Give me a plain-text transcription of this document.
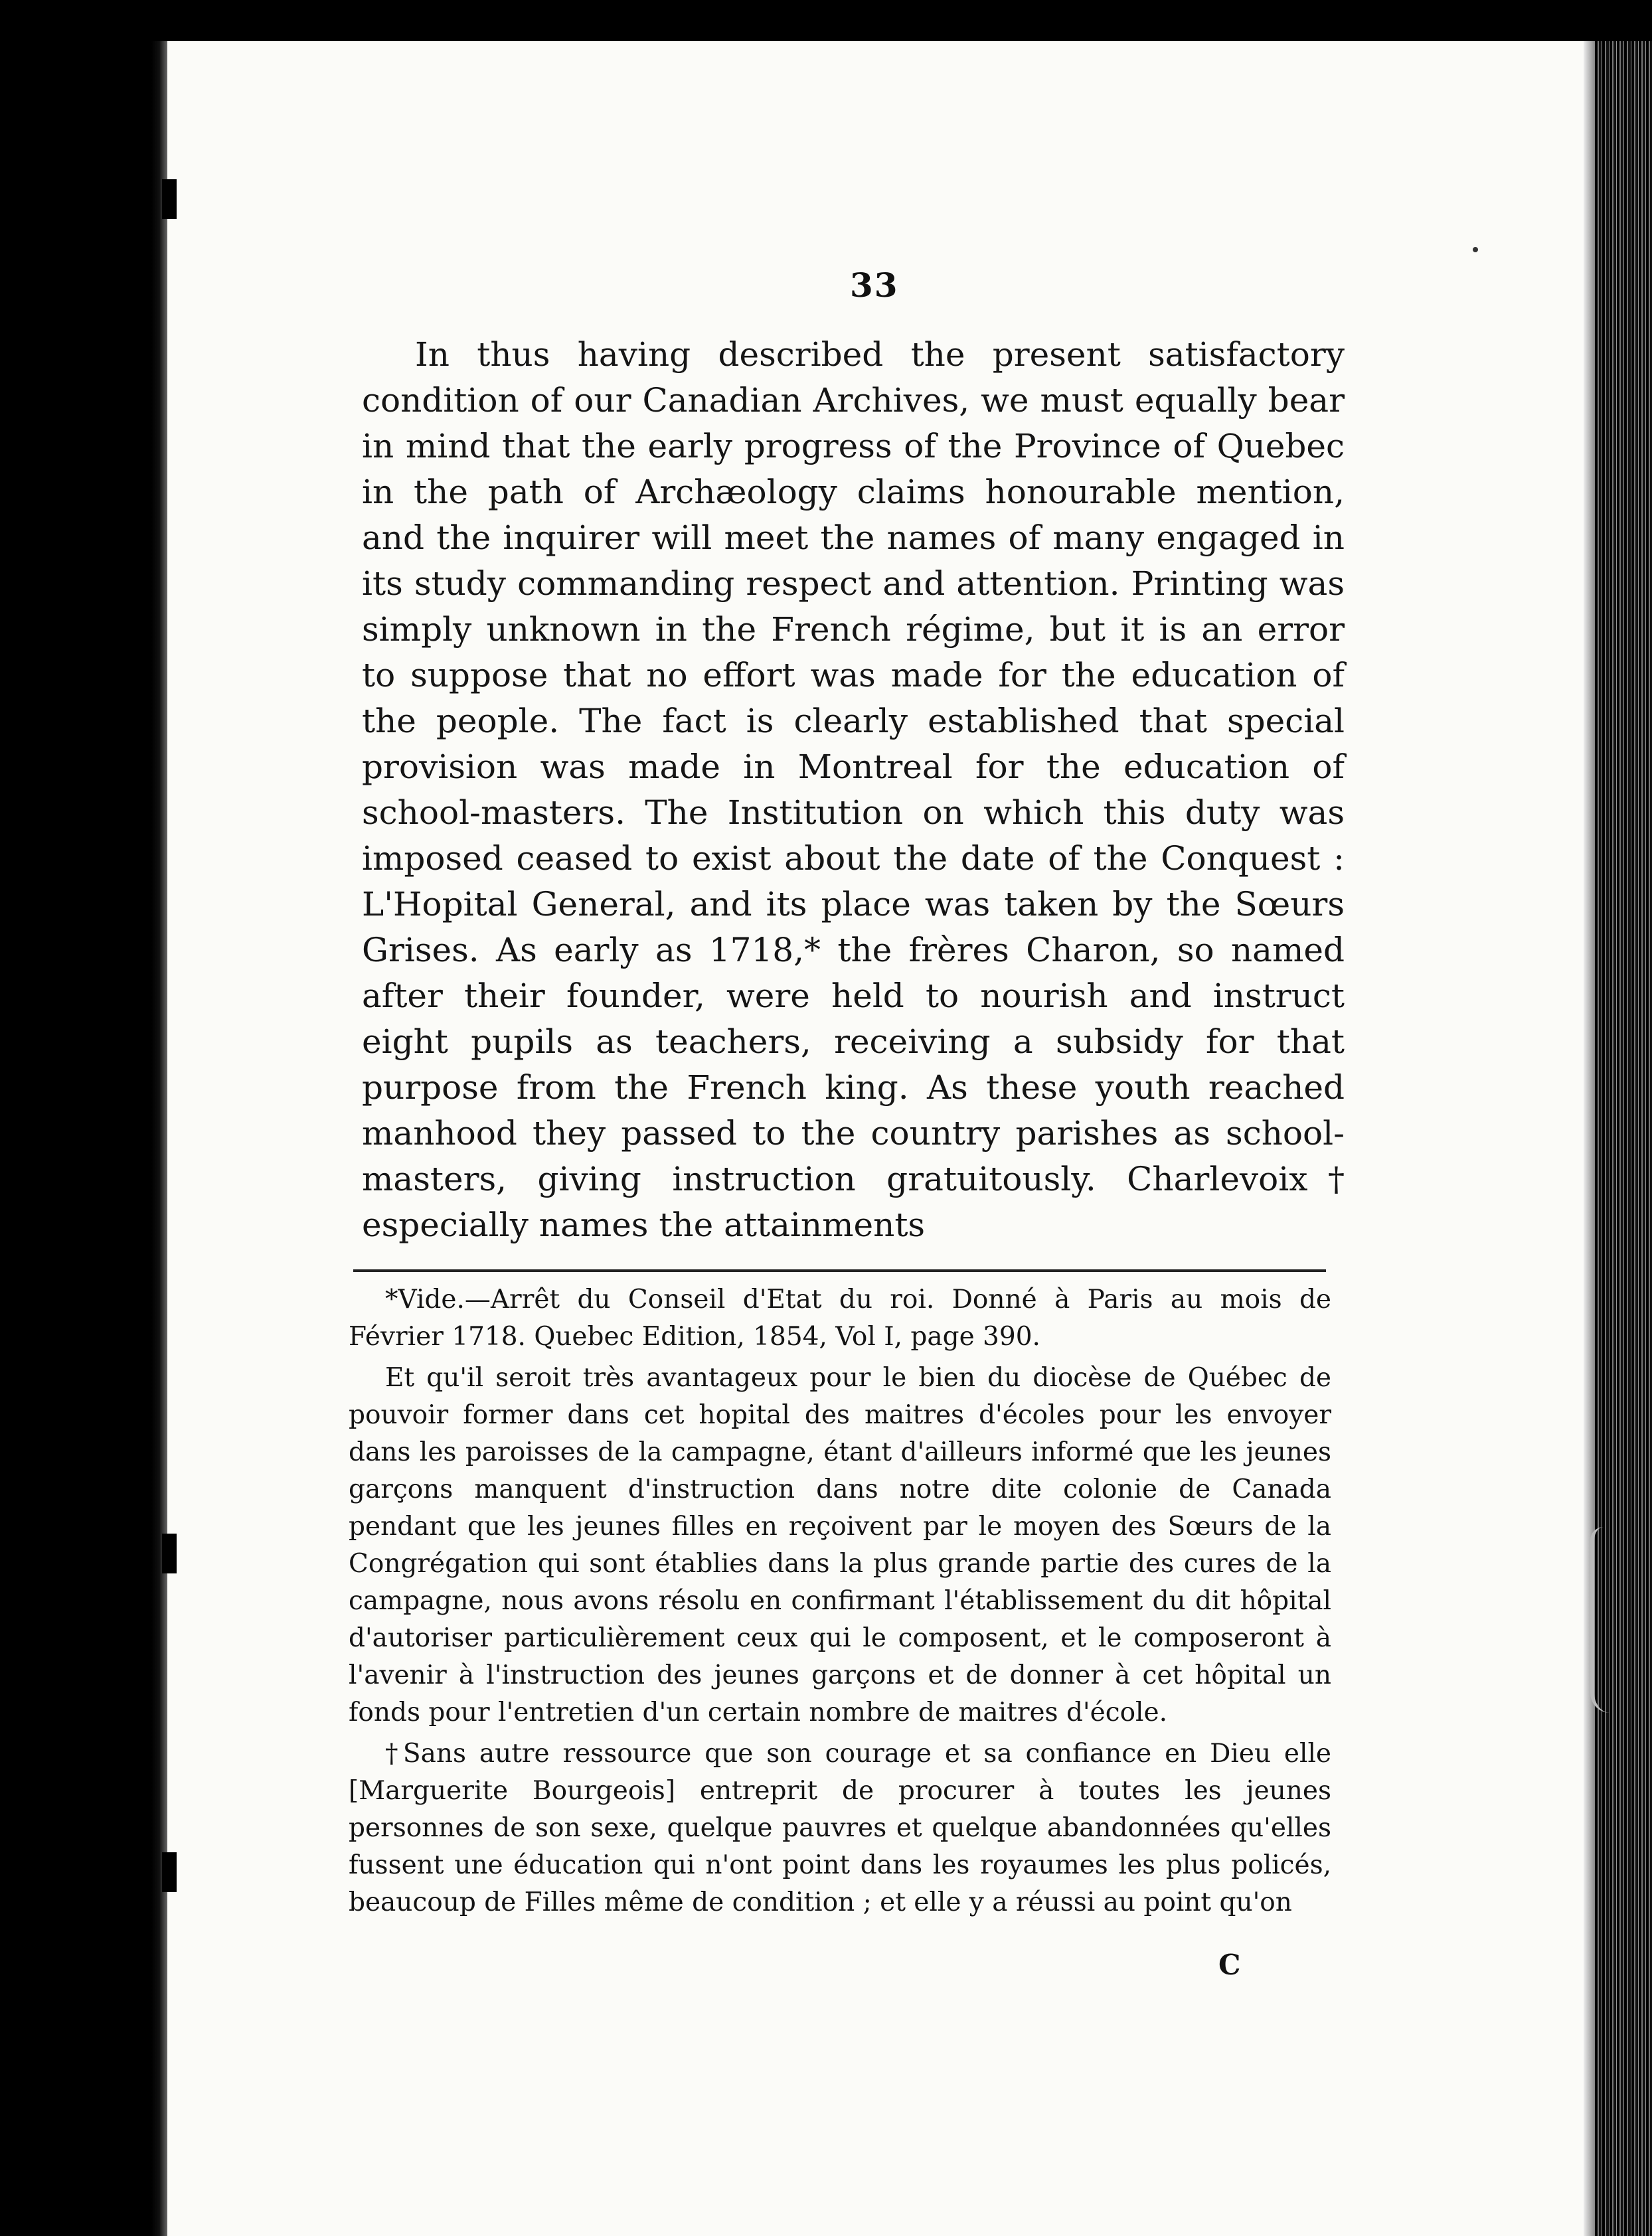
33

In thus having described the present satisfactory condition of our Canadian Archives, we must equally bear in mind that the early progress of the Province of Quebec in the path of Archæology claims honourable mention, and the inquirer will meet the names of many engaged in its study commanding respect and attention. Printing was simply unknown in the French régime, but it is an error to suppose that no effort was made for the education of the people. The fact is clearly established that special provision was made in Montreal for the education of school-masters. The Institution on which this duty was imposed ceased to exist about the date of the Conquest : L'Hopital General, and its place was taken by the Sœurs Grises. As early as 1718,* the frères Charon, so named after their founder, were held to nourish and instruct eight pupils as teachers, receiving a subsidy for that purpose from the French king. As these youth reached manhood they passed to the country parishes as school-masters, giving instruction gratuitously. Charlevoix† especially names the attainments

*Vide.—Arrêt du Conseil d'Etat du roi. Donné à Paris au mois de Février 1718. Quebec Edition, 1854, Vol I, page 390.

Et qu'il seroit très avantageux pour le bien du diocèse de Québec de pouvoir former dans cet hopital des maitres d'écoles pour les envoyer dans les paroisses de la campagne, étant d'ailleurs informé que les jeunes garçons manquent d'instruction dans notre dite colonie de Canada pendant que les jeunes filles en reçoivent par le moyen des Sœurs de la Congrégation qui sont établies dans la plus grande partie des cures de la campagne, nous avons résolu en confirmant l'établissement du dit hôpital d'autoriser particulièrement ceux qui le composent, et le composeront à l'avenir à l'instruction des jeunes garçons et de donner à cet hôpital un fonds pour l'entretien d'un certain nombre de maitres d'école.

†Sans autre ressource que son courage et sa confiance en Dieu elle [Marguerite Bourgeois] entreprit de procurer à toutes les jeunes personnes de son sexe, quelque pauvres et quelque abandonnées qu'elles fussent une éducation qui n'ont point dans les royaumes les plus policés, beaucoup de Filles même de condition ; et elle y a réussi au point qu'on

C
